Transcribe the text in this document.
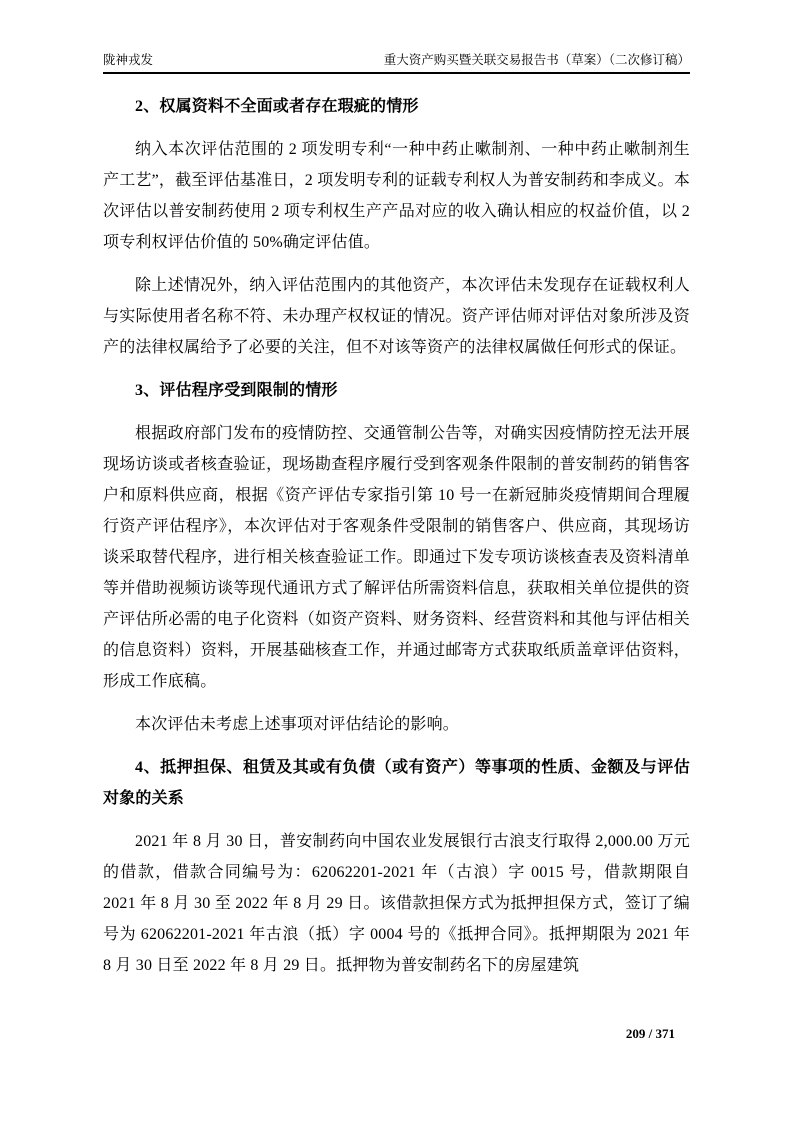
陇神戎发	重大资产购买暨关联交易报告书（草案）（二次修订稿）
2、权属资料不全面或者存在瑕疵的情形
纳入本次评估范围的 2 项发明专利“一种中药止嗽制剂、一种中药止嗽制剂生产工艺”，截至评估基准日，2 项发明专利的证载专利权人为普安制药和李成义。本次评估以普安制药使用 2 项专利权生产产品对应的收入确认相应的权益价值，以 2 项专利权评估价值的 50%确定评估值。
除上述情况外，纳入评估范围内的其他资产，本次评估未发现存在证载权利人与实际使用者名称不符、未办理产权权证的情况。资产评估师对评估对象所涉及资产的法律权属给予了必要的关注，但不对该等资产的法律权属做任何形式的保证。
3、评估程序受到限制的情形
根据政府部门发布的疫情防控、交通管制公告等，对确实因疫情防控无法开展现场访谈或者核查验证，现场勘查程序履行受到客观条件限制的普安制药的销售客户和原料供应商，根据《资产评估专家指引第 10 号一在新冠肺炎疫情期间合理履行资产评估程序》，本次评估对于客观条件受限制的销售客户、供应商，其现场访谈采取替代程序，进行相关核查验证工作。即通过下发专项访谈核查表及资料清单等并借助视频访谈等现代通讯方式了解评估所需资料信息，获取相关单位提供的资产评估所必需的电子化资料（如资产资料、财务资料、经营资料和其他与评估相关的信息资料）资料，开展基础核查工作，并通过邮寄方式获取纸质盖章评估资料，形成工作底稿。
本次评估未考虑上述事项对评估结论的影响。
4、抵押担保、租赁及其或有负债（或有资产）等事项的性质、金额及与评估对象的关系
2021 年 8 月 30 日，普安制药向中国农业发展银行古浪支行取得 2,000.00 万元的借款，借款合同编号为：62062201-2021 年（古浪）字 0015 号，借款期限自 2021 年 8 月 30 至 2022 年 8 月 29 日。该借款担保方式为抵押担保方式，签订了编号为 62062201-2021 年古浪（抵）字 0004 号的《抵押合同》。抵押期限为 2021 年 8 月 30 日至 2022 年 8 月 29 日。抵押物为普安制药名下的房屋建筑
209 / 371
